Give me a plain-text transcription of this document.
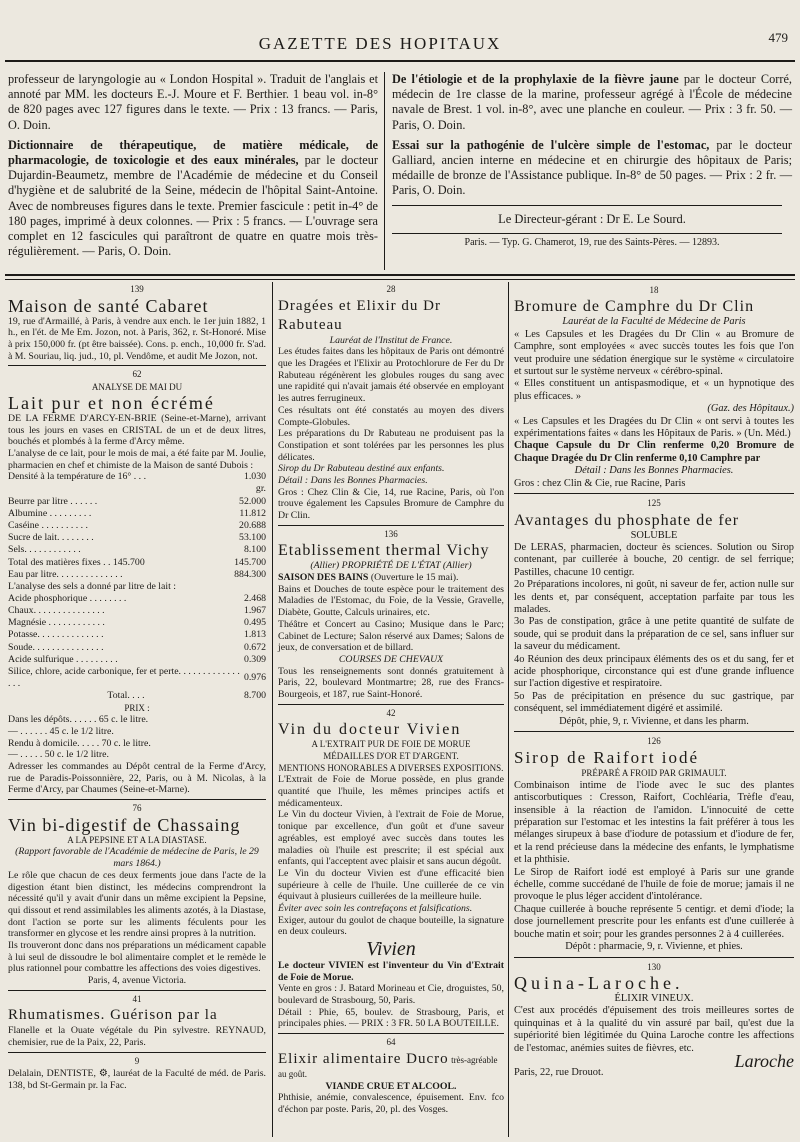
GAZETTE DES HOPITAUX	479

professeur de laryngologie au « London Hospital ». Traduit de l'anglais et annoté par MM. les docteurs E.-J. Moure et F. Berthier. 1 beau vol. in-8° de 820 pages avec 127 figures dans le texte. — Prix : 13 francs. — Paris, O. Doin.

Dictionnaire de thérapeutique, de matière médicale, de pharmacologie, de toxicologie et des eaux minérales, par le docteur Dujardin-Beaumetz, membre de l'Académie de médecine et du Conseil d'hygiène et de salubrité de la Seine, médecin de l'hôpital Saint-Antoine. Avec de nombreuses figures dans le texte. Premier fascicule : petit in-4° de 180 pages, imprimé à deux colonnes. — Prix : 5 francs. — L'ouvrage sera complet en 12 fascicules qui paraîtront de quatre en quatre mois très-régulièrement. — Paris, O. Doin.

De l'étiologie et de la prophylaxie de la fièvre jaune par le docteur Corré, médecin de 1re classe de la marine, professeur agrégé à l'École de médecine navale de Brest. 1 vol. in-8°, avec une planche en couleur. — Prix : 3 fr. 50. — Paris, O. Doin.

Essai sur la pathogénie de l'ulcère simple de l'estomac, par le docteur Galliard, ancien interne en médecine et en chirurgie des hôpitaux de Paris; médaille de bronze de l'Assistance publique. In-8° de 50 pages. — Prix : 2 fr. — Paris, O. Doin.

Le Directeur-gérant : Dr E. Le Sourd.
Paris. — Typ. G. Chamerot, 19, rue des Saints-Pères. — 12893.
139
Maison de santé Cabaret

19, rue d'Armaillé, à Paris, à vendre aux ench. le 1er juin 1882, 1 h., en l'ét. de Me Em. Jozon, not. à Paris, 362, r. St-Honoré. Mise à prix 150,000 fr. (pt être baissée). Cons. p. ench., 10,000 fr. S'ad. à M. Souriau, liq. jud., 10, pl. Vendôme, et audit Me Jozon, not.

62
ANALYSE DE MAI DU
Lait pur et non écrémé

DE LA FERME D'ARCY-EN-BRIE (Seine-et-Marne), arrivant tous les jours en vases en CRISTAL de un et de deux litres, bouchés et plombés à la ferme d'Arcy même.

L'analyse de ce lait, pour le mois de mai, a été faite par M. Joulie, pharmacien en chef et chimiste de la Maison de santé Dubois :

Densité à la température de 16° . . .	1.030
	gr.
Beurre par litre . . . . . .	52.000
Albumine . . . . . . . . .	11.812
Caséine . . . . . . . . . .	20.688
Sucre de lait. . . . . . . .	53.100
Sels. . . . . . . . . . . .	8.100
Total des matières fixes . . 145.700	145.700
Eau par litre. . . . . . . . . . . . . .	884.300

L'analyse des sels a donné par litre de lait :

Acide phosphorique . . . . . . . .	2.468
Chaux. . . . . . . . . . . . . . .	1.967
Magnésie . . . . . . . . . . . .	0.495
Potasse. . . . . . . . . . . . . .	1.813
Soude. . . . . . . . . . . . . . .	0.672
Acide sulfurique . . . . . . . . .	0.309
Silice, chlore, acide carbonique, fer et perte. . . . . . . . . . . . . . . .	0.976
Total. . . .	8.700
PRIX :
Dans les dépôts. . . . . . 65 c. le litre.
— . . . . . . 45 c. le 1/2 litre.
Rendu à domicile. . . . . 70 c. le litre.
— . . . . . 50 c. le 1/2 litre.

Adresser les commandes au Dépôt central de la Ferme d'Arcy, rue de Paradis-Poissonnière, 22, Paris, ou à M. Nicolas, à la Ferme d'Arcy, par Chaumes (Seine-et-Marne).

76
Vin bi-digestif de Chassaing
A LA PEPSINE ET A LA DIASTASE.
(Rapport favorable de l'Académie de médecine de Paris, le 29 mars 1864.)

Le rôle que chacun de ces deux ferments joue dans l'acte de la digestion étant bien distinct, les médecins comprendront la nécessité qu'il y avait d'unir dans un même excipient la Pepsine, qui dissout et rend assimilables les aliments azotés, à la Diastase, dont l'action se porte sur les aliments féculents pour les transformer en glycose et les rendre ainsi propres à la nutrition.

Ils trouveront donc dans nos préparations un médicament capable à lui seul de dissoudre le bol alimentaire complet et le remède le plus rationnel pour combattre les affections des voies digestives.

Paris, 4, avenue Victoria.
41
Rhumatismes. Guérison par la

Flanelle et la Ouate végétale du Pin sylvestre. REYNAUD, chemisier, rue de la Paix, 22, Paris.

9

Delalain, DENTISTE, ⚙, lauréat de la Faculté de méd. de Paris. 138, bd St-Germain pr. la Fac.

28
Dragées et Elixir du Dr Rabuteau
Lauréat de l'Institut de France.

Les études faites dans les hôpitaux de Paris ont démontré que les Dragées et l'Elixir au Protochlorure de Fer du Dr Rabuteau régénèrent les globules rouges du sang avec une rapidité qui n'avait jamais été observée en employant les autres ferrugineux.

Ces résultats ont été constatés au moyen des divers Compte-Globules.

Les préparations du Dr Rabuteau ne produisent pas la Constipation et sont tolérées par les personnes les plus délicates.

Sirop du Dr Rabuteau destiné aux enfants.

Détail : Dans les Bonnes Pharmacies.

Gros : Chez Clin & Cie, 14, rue Racine, Paris, où l'on trouve également les Capsules Bromure de Camphre du Dr Clin.

136
Etablissement thermal Vichy
(Allier) PROPRIÉTÉ DE L'ÉTAT (Allier)
SAISON DES BAINS (Ouverture le 15 mai).

Bains et Douches de toute espèce pour le traitement des Maladies de l'Estomac, du Foie, de la Vessie, Gravelle, Diabète, Goutte, Calculs urinaires, etc.

Théâtre et Concert au Casino; Musique dans le Parc; Cabinet de Lecture; Salon réservé aux Dames; Salons de jeux, de conversation et de billard.

COURSES DE CHEVAUX

Tous les renseignements sont donnés gratuitement à Paris, 22, boulevard Montmartre; 28, rue des Francs-Bourgeois, et 187, rue Saint-Honoré.

42
Vin du docteur Vivien
A L'EXTRAIT PUR DE FOIE DE MORUE
MÉDAILLES D'OR ET D'ARGENT.
MENTIONS HONORABLES A DIVERSES EXPOSITIONS.

L'Extrait de Foie de Morue possède, en plus grande quantité que l'huile, les mêmes principes actifs et médicamenteux.

Le Vin du docteur Vivien, à l'extrait de Foie de Morue, tonique par excellence, d'un goût et d'une saveur agréables, est employé avec succès dans toutes les maladies où l'huile est prescrite; il est spécial aux enfants, qui l'acceptent avec plaisir et sans aucun dégoût.

Le Vin du docteur Vivien est d'une efficacité bien supérieure à celle de l'huile. Une cuillerée de ce vin équivaut à plusieurs cuillerées de la meilleure huile.

Éviter avec soin les contrefaçons et falsifications.

Exiger, autour du goulot de chaque bouteille, la signature en deux couleurs.

Vivien

Le docteur VIVIEN est l'inventeur du Vin d'Extrait de Foie de Morue.

Vente en gros : J. Batard Morineau et Cie, droguistes, 50, boulevard de Strasbourg, 50, Paris.

Détail : Phie, 65, boulev. de Strasbourg, Paris, et principales phies. — PRIX : 3 FR. 50 LA BOUTEILLE.

64
Elixir alimentaire Ducro très-agréable au goût.
VIANDE CRUE ET ALCOOL.

Phthisie, anémie, convalescence, épuisement. Env. fco d'échon par poste. Paris, 20, pl. des Vosges.

18
Bromure de Camphre du Dr Clin
Lauréat de la Faculté de Médecine de Paris

« Les Capsules et les Dragées du Dr Clin « au Bromure de Camphre, sont employées « avec succès toutes les fois que l'on veut produire une sédation énergique sur le système « circulatoire et surtout sur le système nerveux « cérébro-spinal.

« Elles constituent un antispasmodique, et « un hypnotique des plus efficaces. »

(Gaz. des Hôpitaux.)

« Les Capsules et les Dragées du Dr Clin « ont servi à toutes les expérimentations faites « dans les Hôpitaux de Paris. » (Un. Méd.)

Chaque Capsule du Dr Clin renferme 0,20 Bromure de Chaque Dragée du Dr Clin renferme 0,10 Camphre par

Détail : Dans les Bonnes Pharmacies.
Gros : chez Clin & Cie, rue Racine, Paris
125
Avantages du phosphate de fer
SOLUBLE

De LERAS, pharmacien, docteur ès sciences. Solution ou Sirop contenant, par cuillerée à bouche, 20 centigr. de sel ferrique; Pastilles, chacune 10 centigr.

2o Préparations incolores, ni goût, ni saveur de fer, action nulle sur les dents et, par conséquent, acceptation parfaite par tous les malades.

3o Pas de constipation, grâce à une petite quantité de sulfate de soude, qui se produit dans la préparation de ce sel, sans influer sur la saveur du médicament.

4o Réunion des deux principaux éléments des os et du sang, fer et acide phosphorique, circonstance qui est d'une grande influence sur l'action digestive et respiratoire.

5o Pas de précipitation en présence du suc gastrique, par conséquent, sel immédiatement digéré et assimilé.

Dépôt, phie, 9, r. Vivienne, et dans les pharm.
126
Sirop de Raifort iodé
PRÉPARÉ A FROID PAR GRIMAULT.

Combinaison intime de l'iode avec le suc des plantes antiscorbutiques : Cresson, Raifort, Cochléaria, Trèfle d'eau, insensible à la réaction de l'amidon. L'innocuité de cette préparation sur l'estomac et les intestins la fait préférer à tous les mélanges sirupeux à base d'iodure de potassium et d'iodure de fer, et la rend précieuse dans la médecine des enfants, le lymphatisme et la phthisie.

Le Sirop de Raifort iodé est employé à Paris sur une grande échelle, comme succédané de l'huile de foie de morue; jamais il ne provoque le plus léger accident d'intolérance.

Chaque cuillerée à bouche représente 5 centigr. et demi d'iode; la dose journellement prescrite pour les enfants est d'une cuillerée à bouche matin et soir; pour les grandes personnes 2 à 4 cuillerées.

Dépôt : pharmacie, 9, r. Vivienne, et phies.
130
Quina-Laroche.
ÉLIXIR VINEUX.

C'est aux procédés d'épuisement des trois meilleures sortes de quinquinas et à la qualité du vin assuré par bail, qu'est due la supériorité bien légitimée du Quina Laroche contre les affections de l'estomac, anémies suites de fièvres, etc.

Laroche
Paris, 22, rue Drouot.
